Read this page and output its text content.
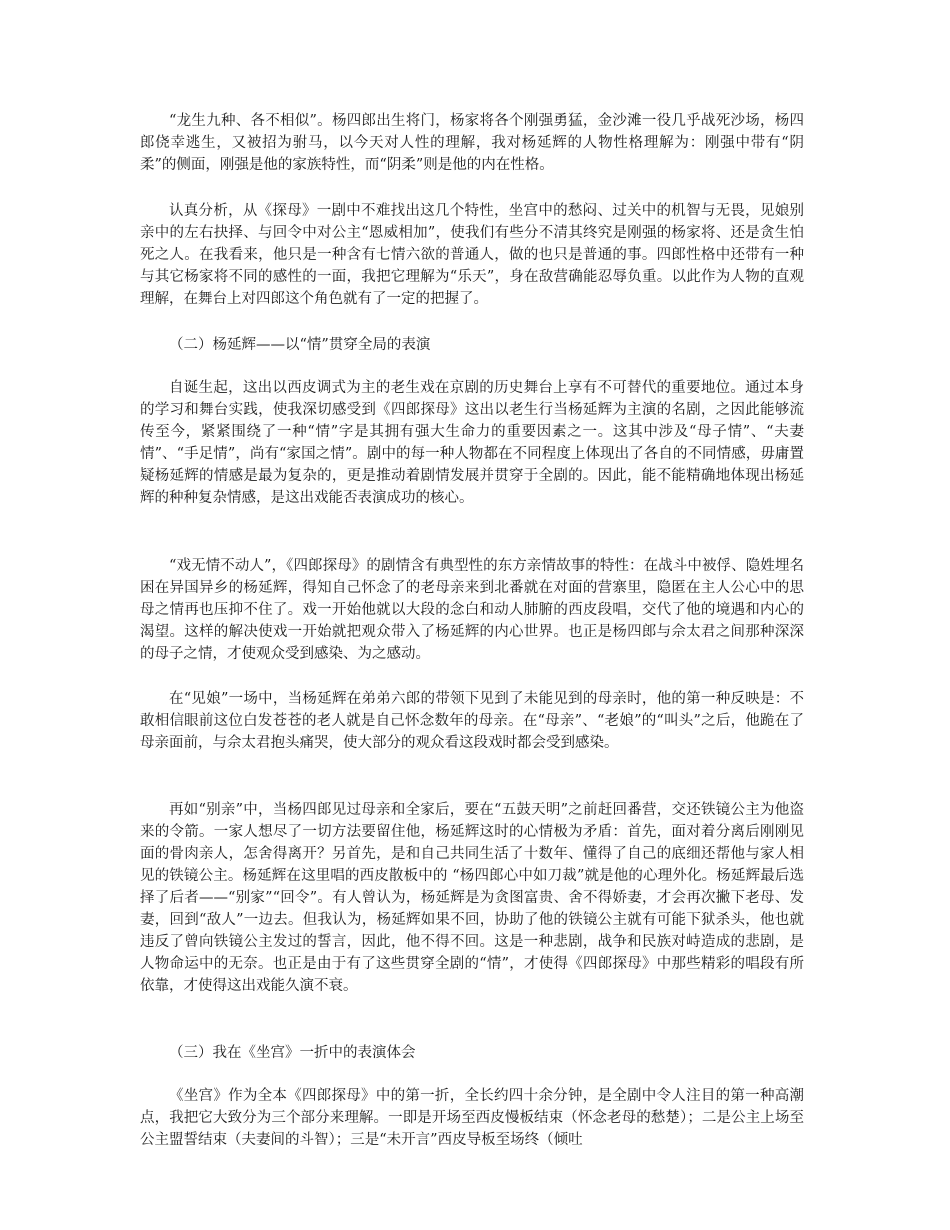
“龙生九种、各不相似”。杨四郎出生将门，杨家将各个刚强勇猛，金沙滩一役几乎战死沙场，杨四郎侥幸逃生，又被招为驸马，以今天对人性的理解，我对杨延辉的人物性格理解为：刚强中带有“阴柔”的侧面，刚强是他的家族特性，而“阴柔”则是他的内在性格。

认真分析，从《探母》一剧中不难找出这几个特性，坐宫中的愁闷、过关中的机智与无畏，见娘别亲中的左右抉择、与回令中对公主“恩威相加”，使我们有些分不清其终究是刚强的杨家将、还是贪生怕死之人。在我看来，他只是一种含有七情六欲的普通人，做的也只是普通的事。四郎性格中还带有一种与其它杨家将不同的感性的一面，我把它理解为“乐天”，身在敌营确能忍辱负重。以此作为人物的直观理解，在舞台上对四郎这个角色就有了一定的把握了。

（二）杨延辉——以“情”贯穿全局的表演

自诞生起，这出以西皮调式为主的老生戏在京剧的历史舞台上享有不可替代的重要地位。通过本身的学习和舞台实践，使我深切感受到《四郎探母》这出以老生行当杨延辉为主演的名剧，之因此能够流传至今，紧紧围绕了一种“情”字是其拥有强大生命力的重要因素之一。这其中涉及“母子情”、“夫妻情”、“手足情”，尚有“家国之情”。剧中的每一种人物都在不同程度上体现出了各自的不同情感，毋庸置疑杨延辉的情感是最为复杂的，更是推动着剧情发展并贯穿于全剧的。因此，能不能精确地体现出杨延辉的种种复杂情感，是这出戏能否表演成功的核心。

“戏无情不动人”，《四郎探母》的剧情含有典型性的东方亲情故事的特性：在战斗中被俘、隐姓埋名困在异国异乡的杨延辉，得知自己怀念了的老母亲来到北番就在对面的营寨里，隐匿在主人公心中的思母之情再也压抑不住了。戏一开始他就以大段的念白和动人肺腑的西皮段唱，交代了他的境遇和内心的渴望。这样的解决使戏一开始就把观众带入了杨延辉的内心世界。也正是杨四郎与佘太君之间那种深深的母子之情，才使观众受到感染、为之感动。

在“见娘”一场中，当杨延辉在弟弟六郎的带领下见到了未能见到的母亲时，他的第一种反映是：不敢相信眼前这位白发苍苍的老人就是自己怀念数年的母亲。在“母亲”、“老娘”的“叫头”之后，他跪在了母亲面前，与佘太君抱头痛哭，使大部分的观众看这段戏时都会受到感染。

再如“别亲”中，当杨四郎见过母亲和全家后，要在“五鼓天明”之前赶回番营，交还铁镜公主为他盗来的令箭。一家人想尽了一切方法要留住他，杨延辉这时的心情极为矛盾：首先，面对着分离后刚刚见面的骨肉亲人，怎舍得离开？另首先，是和自己共同生活了十数年、懂得了自己的底细还帮他与家人相见的铁镜公主。杨延辉在这里唱的西皮散板中的 “杨四郎心中如刀裁”就是他的心理外化。杨延辉最后选择了后者——“别家”“回令”。有人曾认为，杨延辉是为贪图富贵、舍不得娇妻，才会再次撇下老母、发妻，回到“敌人”一边去。但我认为，杨延辉如果不回，协助了他的铁镜公主就有可能下狱杀头，他也就违反了曾向铁镜公主发过的誓言，因此，他不得不回。这是一种悲剧，战争和民族对峙造成的悲剧，是人物命运中的无奈。也正是由于有了这些贯穿全剧的“情”，才使得《四郎探母》中那些精彩的唱段有所依靠，才使得这出戏能久演不衰。

（三）我在《坐宫》一折中的表演体会

《坐宫》作为全本《四郎探母》中的第一折，全长约四十余分钟，是全剧中令人注目的第一种高潮点，我把它大致分为三个部分来理解。一即是开场至西皮慢板结束（怀念老母的愁楚）；二是公主上场至公主盟誓结束（夫妻间的斗智）；三是“未开言”西皮导板至场终（倾吐
